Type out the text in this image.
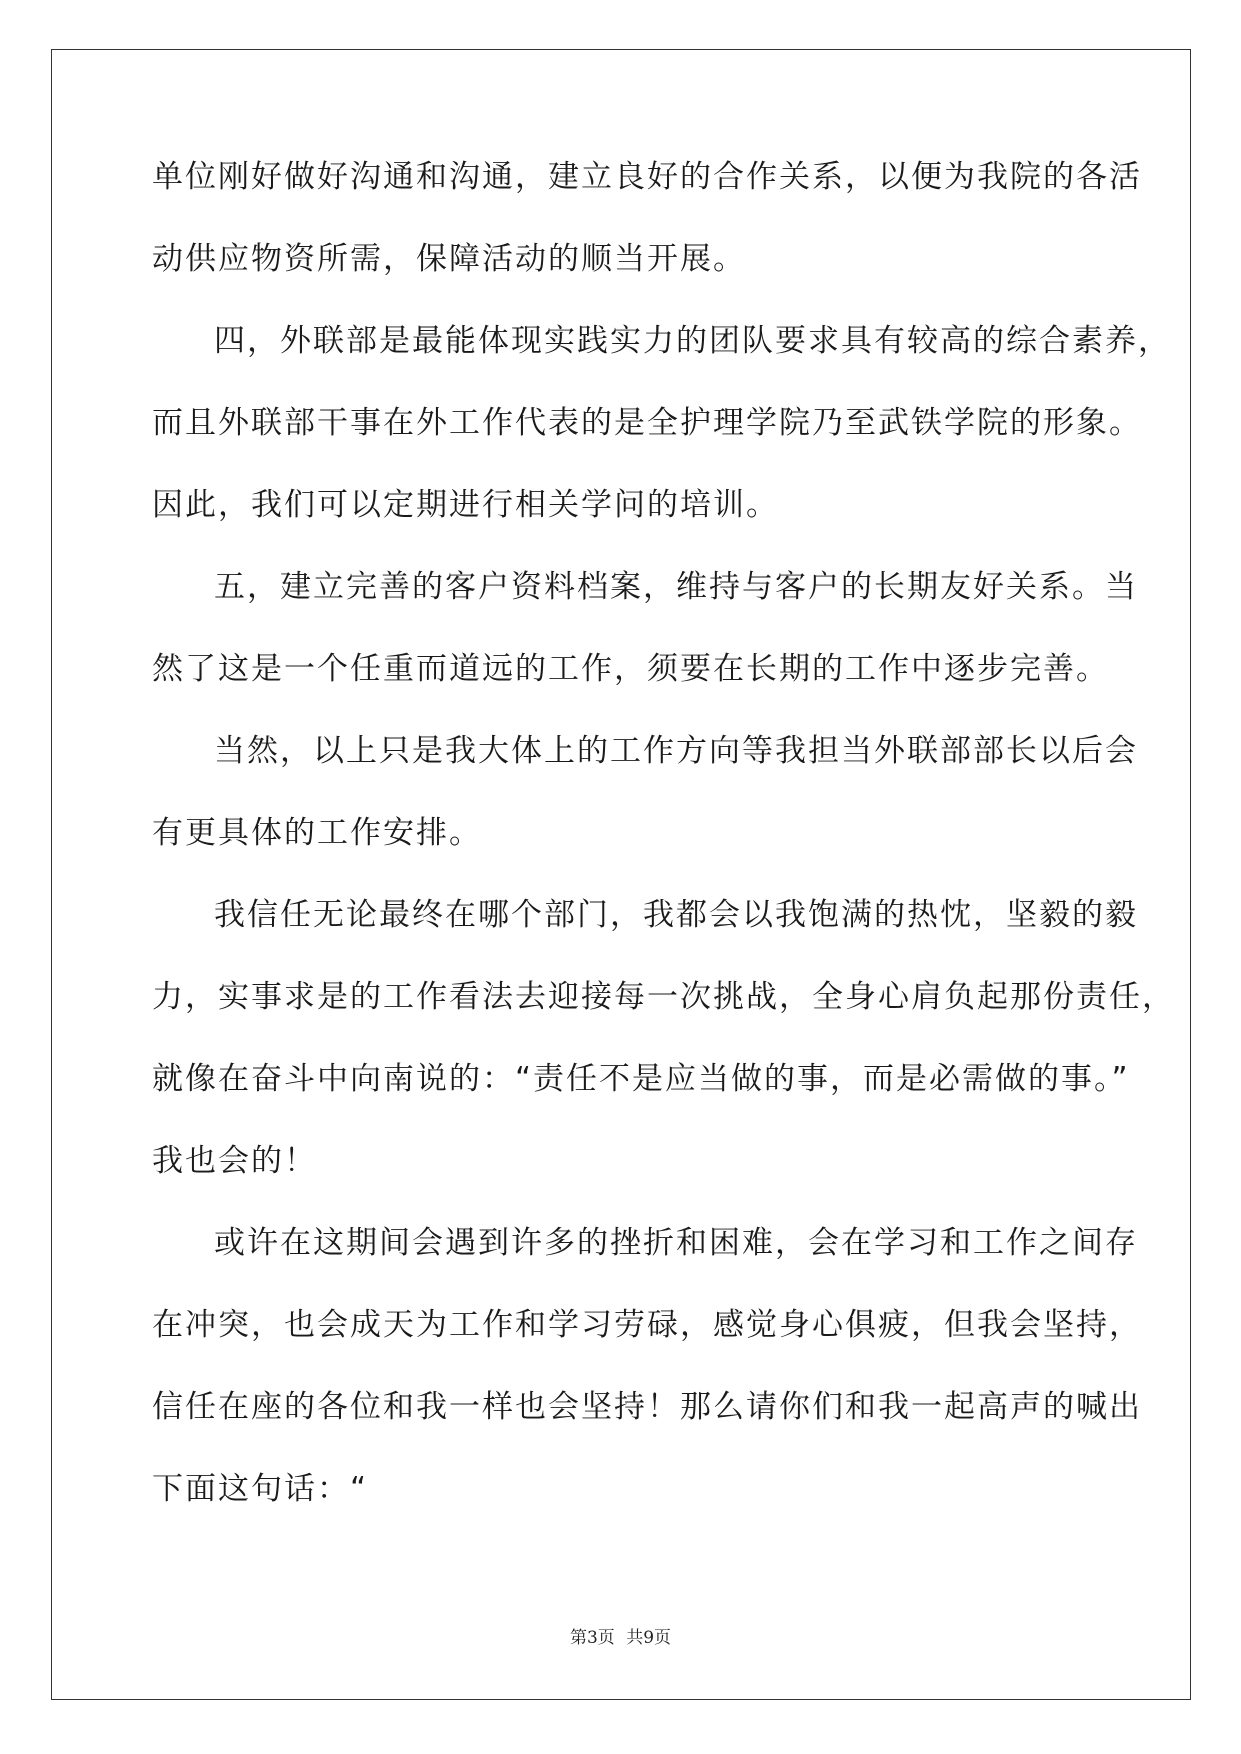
单位刚好做好沟通和沟通，建立良好的合作关系，以便为我院的各活
动供应物资所需，保障活动的顺当开展。
四，外联部是最能体现实践实力的团队要求具有较高的综合素养，
而且外联部干事在外工作代表的是全护理学院乃至武铁学院的形象。
因此，我们可以定期进行相关学问的培训。
五，建立完善的客户资料档案，维持与客户的长期友好关系。当
然了这是一个任重而道远的工作，须要在长期的工作中逐步完善。
当然，以上只是我大体上的工作方向等我担当外联部部长以后会
有更具体的工作安排。
我信任无论最终在哪个部门，我都会以我饱满的热忱，坚毅的毅
力，实事求是的工作看法去迎接每一次挑战，全身心肩负起那份责任，
就像在奋斗中向南说的：“责任不是应当做的事，而是必需做的事。”
我也会的！
或许在这期间会遇到许多的挫折和困难，会在学习和工作之间存
在冲突，也会成天为工作和学习劳碌，感觉身心俱疲，但我会坚持，
信任在座的各位和我一样也会坚持！那么请你们和我一起高声的喊出
下面这句话：“
第3页 共9页
